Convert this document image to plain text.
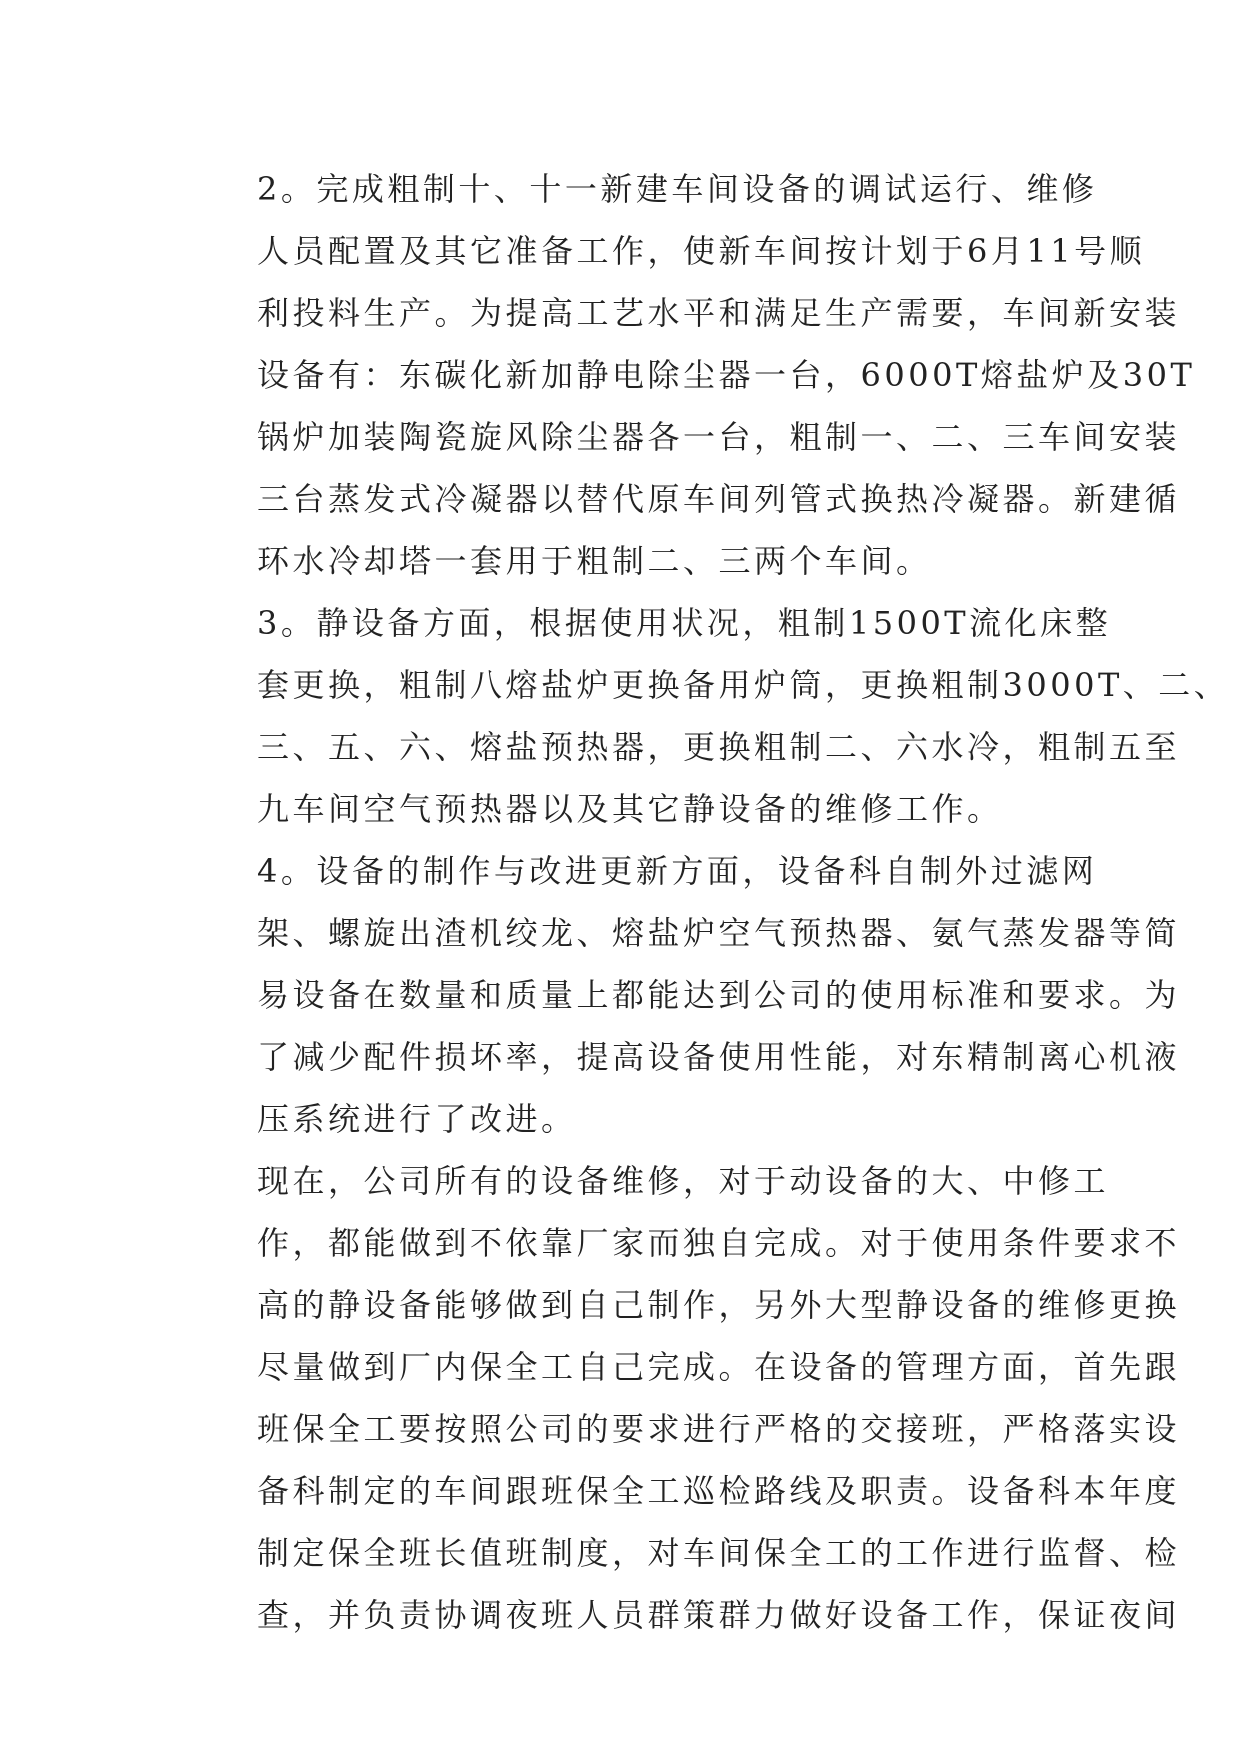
2。完成粗制十、十一新建车间设备的调试运行、维修
人员配置及其它准备工作，使新车间按计划于6月11号顺
利投料生产。为提高工艺水平和满足生产需要，车间新安装
设备有：东碳化新加静电除尘器一台，6000T熔盐炉及30T
锅炉加装陶瓷旋风除尘器各一台，粗制一、二、三车间安装
三台蒸发式冷凝器以替代原车间列管式换热冷凝器。新建循
环水冷却塔一套用于粗制二、三两个车间。

3。静设备方面，根据使用状况，粗制1500T流化床整
套更换，粗制八熔盐炉更换备用炉筒，更换粗制3000T、二、
三、五、六、熔盐预热器，更换粗制二、六水冷，粗制五至
九车间空气预热器以及其它静设备的维修工作。

4。设备的制作与改进更新方面，设备科自制外过滤网
架、螺旋出渣机绞龙、熔盐炉空气预热器、氨气蒸发器等简
易设备在数量和质量上都能达到公司的使用标准和要求。为
了减少配件损坏率，提高设备使用性能，对东精制离心机液
压系统进行了改进。

现在，公司所有的设备维修，对于动设备的大、中修工
作，都能做到不依靠厂家而独自完成。对于使用条件要求不
高的静设备能够做到自己制作，另外大型静设备的维修更换
尽量做到厂内保全工自己完成。在设备的管理方面，首先跟
班保全工要按照公司的要求进行严格的交接班，严格落实设
备科制定的车间跟班保全工巡检路线及职责。设备科本年度
制定保全班长值班制度，对车间保全工的工作进行监督、检
查，并负责协调夜班人员群策群力做好设备工作，保证夜间
